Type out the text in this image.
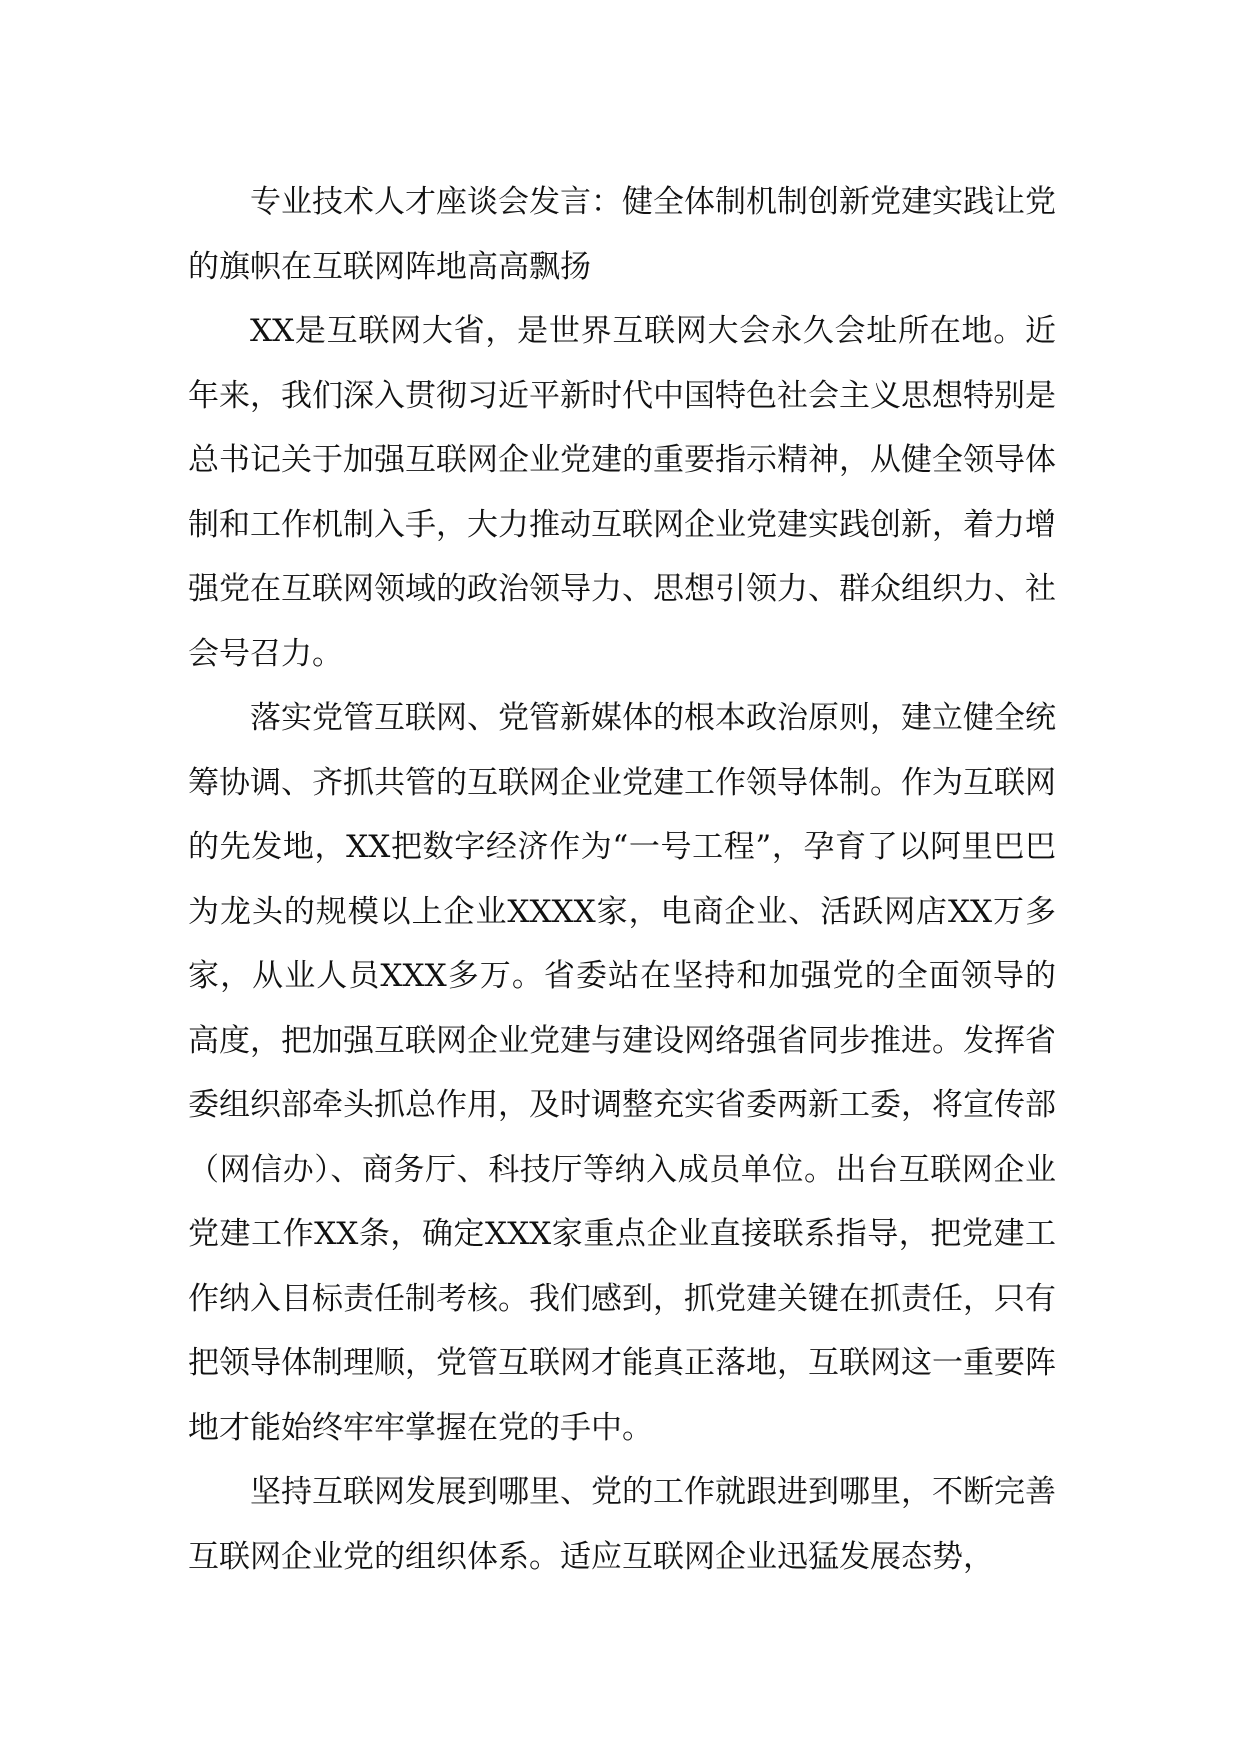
专业技术人才座谈会发言：健全体制机制创新党建实践让党的旗帜在互联网阵地高高飘扬

XX是互联网大省，是世界互联网大会永久会址所在地。近年来，我们深入贯彻习近平新时代中国特色社会主义思想特别是总书记关于加强互联网企业党建的重要指示精神，从健全领导体制和工作机制入手，大力推动互联网企业党建实践创新，着力增强党在互联网领域的政治领导力、思想引领力、群众组织力、社会号召力。

落实党管互联网、党管新媒体的根本政治原则，建立健全统筹协调、齐抓共管的互联网企业党建工作领导体制。作为互联网的先发地，XX把数字经济作为“一号工程”，孕育了以阿里巴巴为龙头的规模以上企业XXXX家，电商企业、活跃网店XX万多家，从业人员XXX多万。省委站在坚持和加强党的全面领导的高度，把加强互联网企业党建与建设网络强省同步推进。发挥省委组织部牵头抓总作用，及时调整充实省委两新工委，将宣传部（网信办）、商务厅、科技厅等纳入成员单位。出台互联网企业党建工作XX条，确定XXX家重点企业直接联系指导，把党建工作纳入目标责任制考核。我们感到，抓党建关键在抓责任，只有把领导体制理顺，党管互联网才能真正落地，互联网这一重要阵地才能始终牢牢掌握在党的手中。

坚持互联网发展到哪里、党的工作就跟进到哪里，不断完善互联网企业党的组织体系。适应互联网企业迅猛发展态势，
